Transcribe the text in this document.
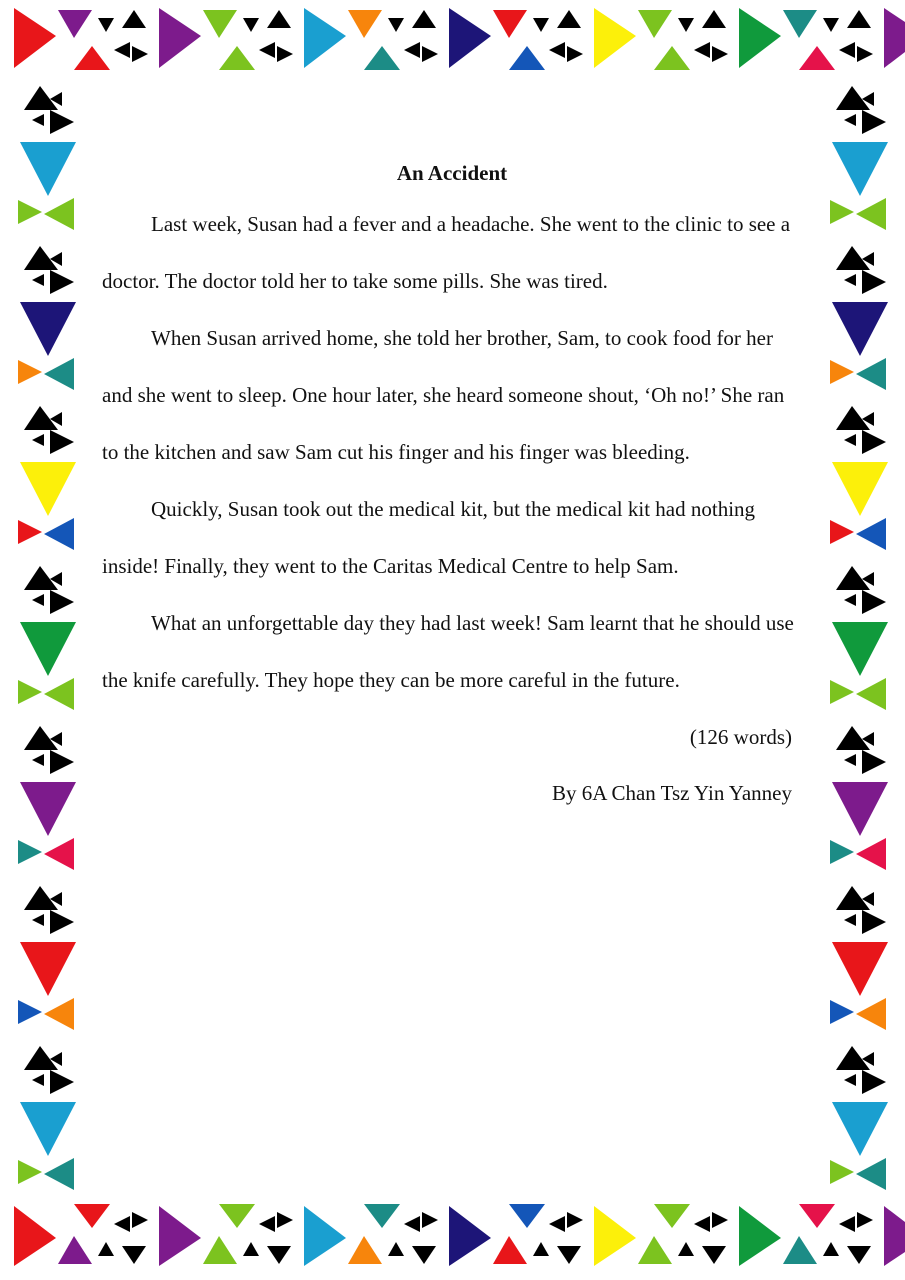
An Accident

Last week, Susan had a fever and a headache. She went to the clinic to see a doctor. The doctor told her to take some pills. She was tired.

When Susan arrived home, she told her brother, Sam, to cook food for her and she went to sleep. One hour later, she heard someone shout, ‘Oh no!’ She ran to the kitchen and saw Sam cut his finger and his finger was bleeding.

Quickly, Susan took out the medical kit, but the medical kit had nothing inside! Finally, they went to the Caritas Medical Centre to help Sam.

What an unforgettable day they had last week! Sam learnt that he should use the knife carefully. They hope they can be more careful in the future.

(126 words)

By 6A Chan Tsz Yin Yanney
